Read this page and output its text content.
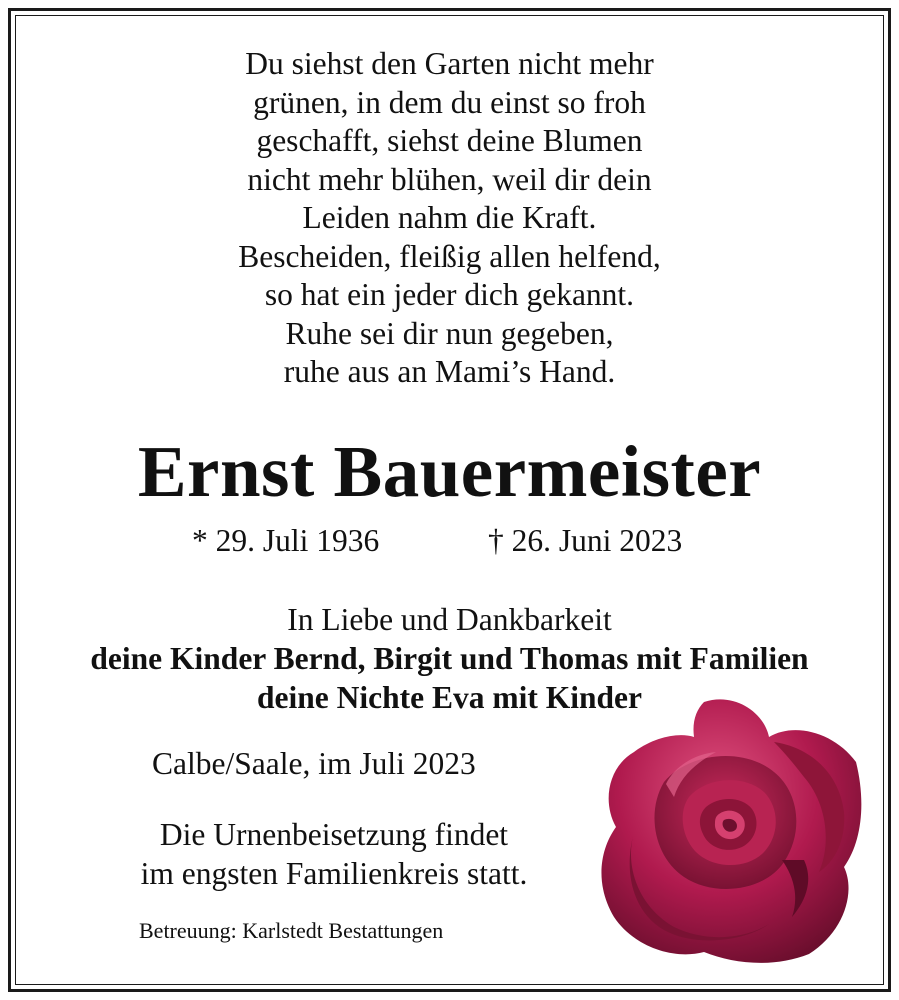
Du siehst den Garten nicht mehr
grünen, in dem du einst so froh
geschafft, siehst deine Blumen
nicht mehr blühen, weil dir dein
Leiden nahm die Kraft.
Bescheiden, fleißig allen helfend,
so hat ein jeder dich gekannt.
Ruhe sei dir nun gegeben,
ruhe aus an Mami’s Hand.
Ernst Bauermeister
* 29. Juli 1936	† 26. Juni 2023
In Liebe und Dankbarkeit
deine Kinder Bernd, Birgit und Thomas mit Familien
deine Nichte Eva mit Kinder
Calbe/Saale, im Juli 2023
Die Urnenbeisetzung findet
im engsten Familienkreis statt.
Betreuung: Karlstedt Bestattungen
